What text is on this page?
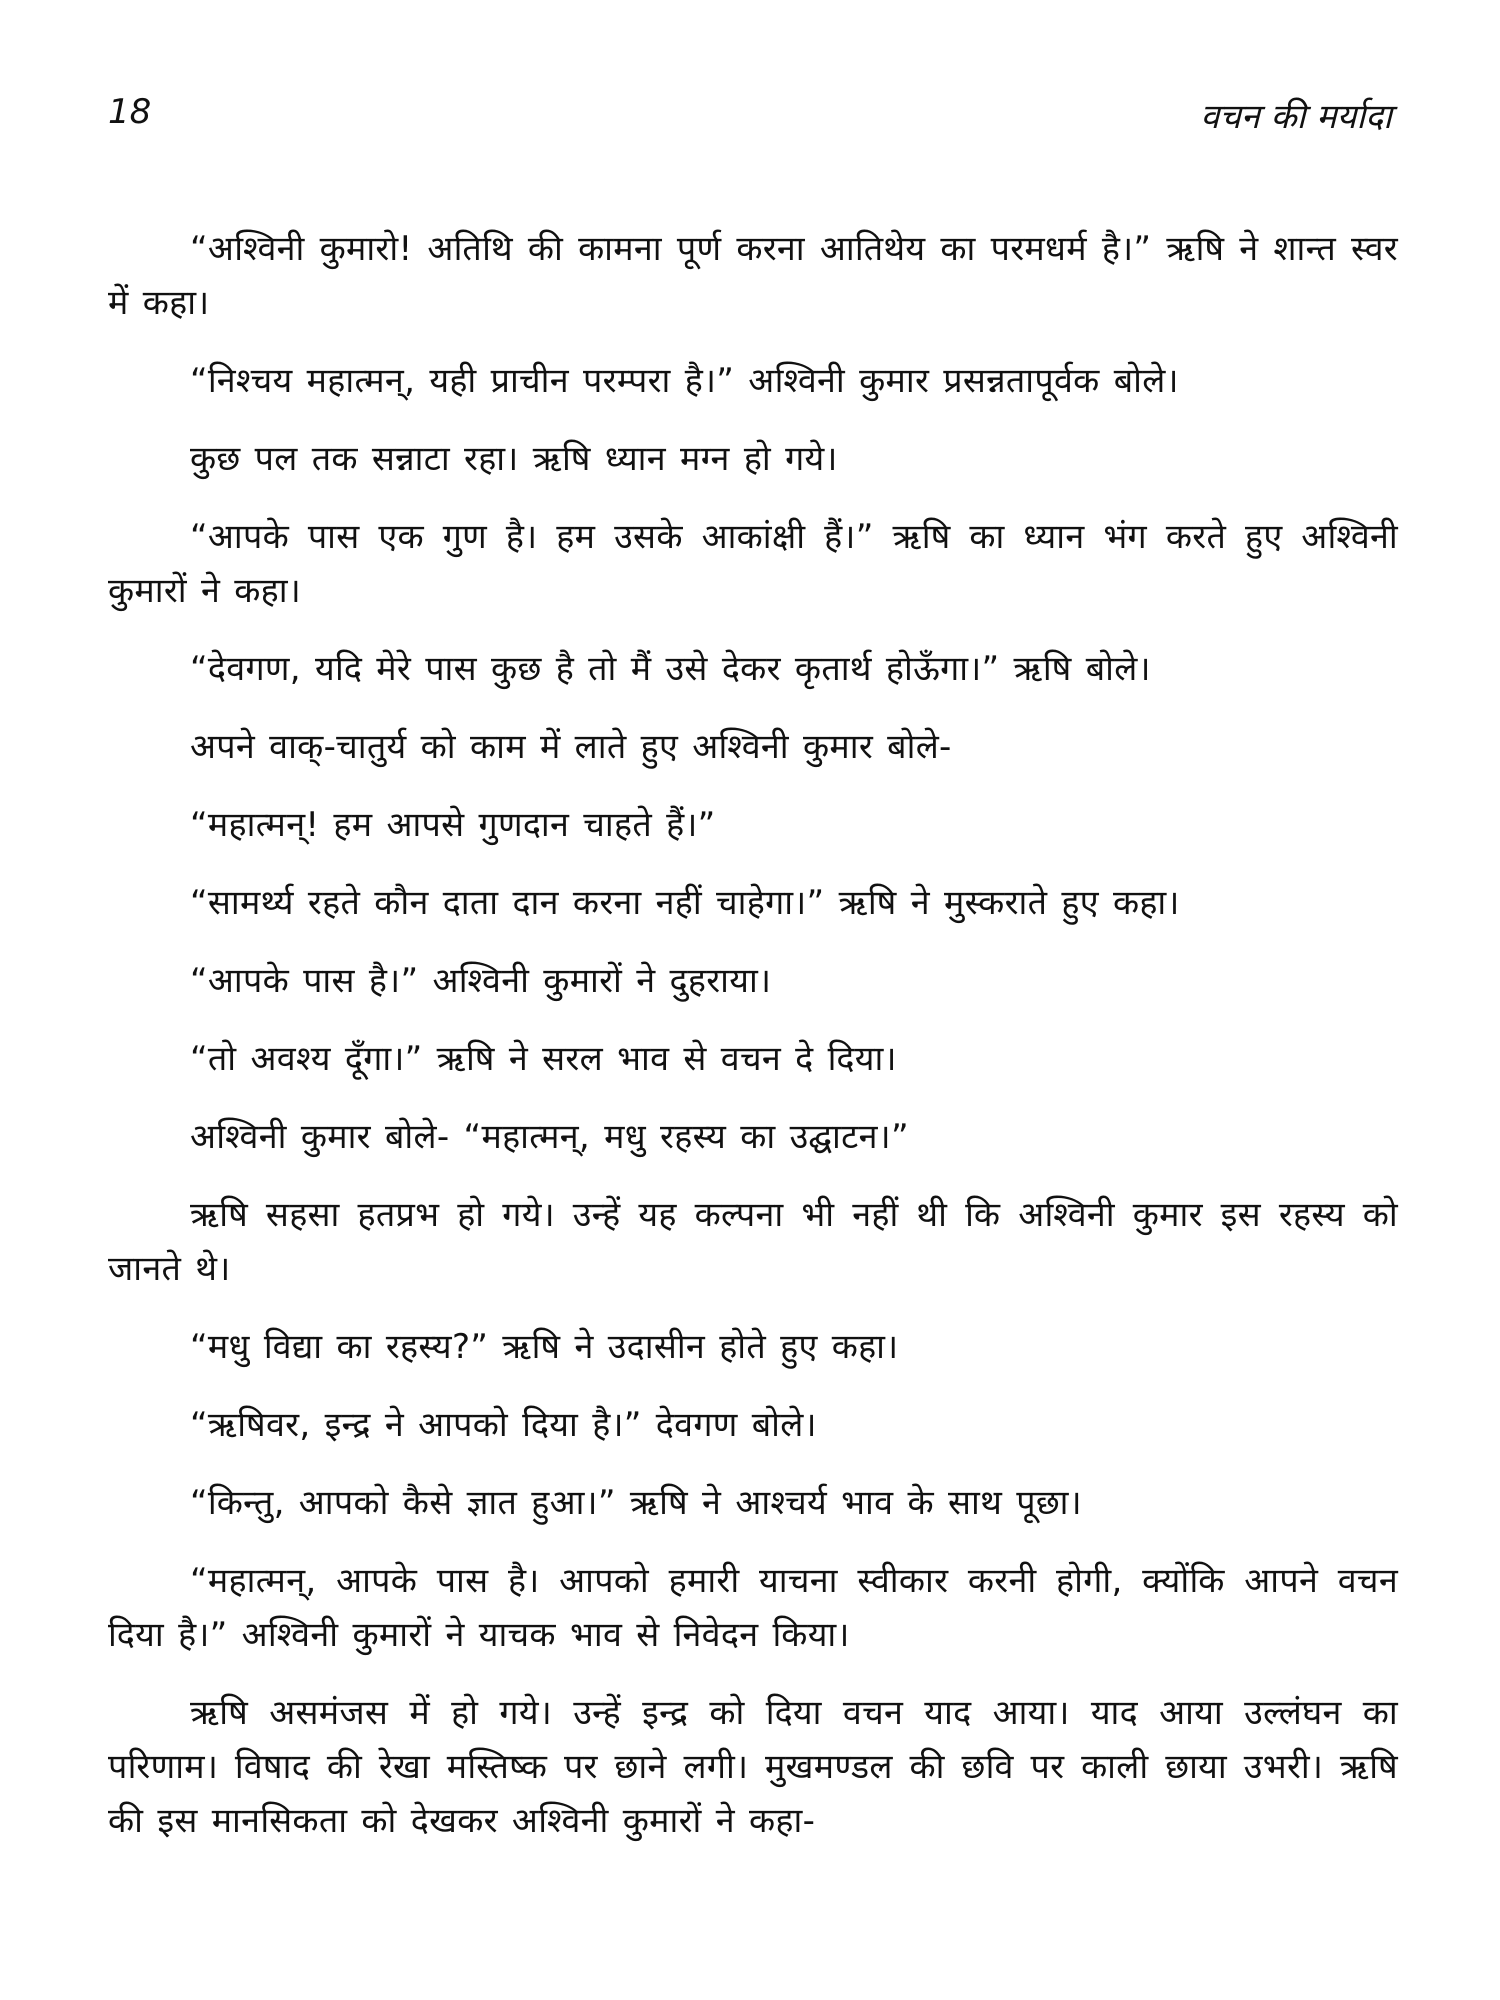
18	वचन की मर्यादा

“अश्विनी कुमारो! अतिथि की कामना पूर्ण करना आतिथेय का परमधर्म है।” ऋषि ने शान्त स्वर में कहा।

“निश्चय महात्मन्, यही प्राचीन परम्परा है।” अश्विनी कुमार प्रसन्नतापूर्वक बोले।

कुछ पल तक सन्नाटा रहा। ऋषि ध्यान मग्न हो गये।

“आपके पास एक गुण है। हम उसके आकांक्षी हैं।” ऋषि का ध्यान भंग करते हुए अश्विनी कुमारों ने कहा।

“देवगण, यदि मेरे पास कुछ है तो मैं उसे देकर कृतार्थ होऊँगा।” ऋषि बोले।

अपने वाक्-चातुर्य को काम में लाते हुए अश्विनी कुमार बोले-

“महात्मन्! हम आपसे गुणदान चाहते हैं।”

“सामर्थ्य रहते कौन दाता दान करना नहीं चाहेगा।” ऋषि ने मुस्कराते हुए कहा।

“आपके पास है।” अश्विनी कुमारों ने दुहराया।

“तो अवश्य दूँगा।” ऋषि ने सरल भाव से वचन दे दिया।

अश्विनी कुमार बोले- “महात्मन्, मधु रहस्य का उद्घाटन।”

ऋषि सहसा हतप्रभ हो गये। उन्हें यह कल्पना भी नहीं थी कि अश्विनी कुमार इस रहस्य को जानते थे।

“मधु विद्या का रहस्य?” ऋषि ने उदासीन होते हुए कहा।

“ऋषिवर, इन्द्र ने आपको दिया है।” देवगण बोले।

“किन्तु, आपको कैसे ज्ञात हुआ।” ऋषि ने आश्चर्य भाव के साथ पूछा।

“महात्मन्, आपके पास है। आपको हमारी याचना स्वीकार करनी होगी, क्योंकि आपने वचन दिया है।” अश्विनी कुमारों ने याचक भाव से निवेदन किया।

ऋषि असमंजस में हो गये। उन्हें इन्द्र को दिया वचन याद आया। याद आया उल्लंघन का परिणाम। विषाद की रेखा मस्तिष्क पर छाने लगी। मुखमण्डल की छवि पर काली छाया उभरी। ऋषि की इस मानसिकता को देखकर अश्विनी कुमारों ने कहा-
